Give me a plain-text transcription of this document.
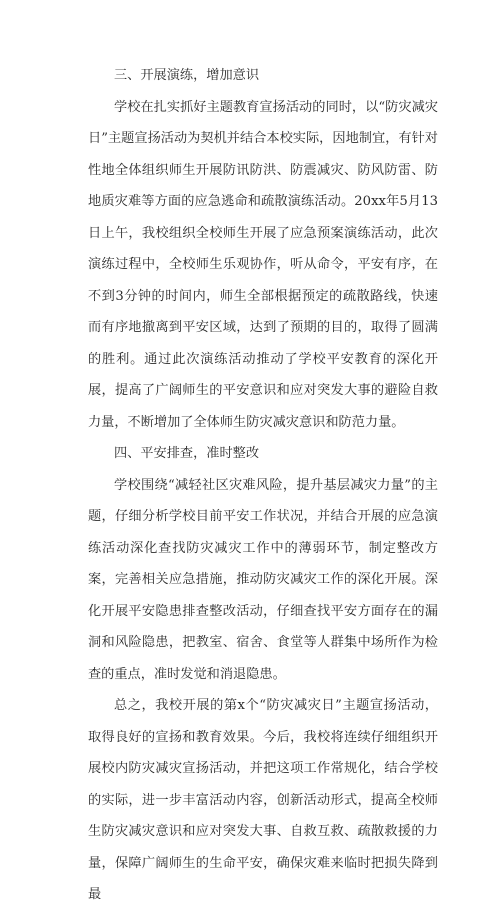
三、开展演练，增加意识

学校在扎实抓好主题教育宣扬活动的同时，以“防灾减灾日”主题宣扬活动为契机并结合本校实际，因地制宜，有针对性地全体组织师生开展防讯防洪、防震减灾、防风防雷、防地质灾难等方面的应急逃命和疏散演练活动。20xx年5月13日上午，我校组织全校师生开展了应急预案演练活动，此次演练过程中，全校师生乐观协作，听从命令，平安有序，在不到3分钟的时间内，师生全部根据预定的疏散路线，快速而有序地撤离到平安区域，达到了预期的目的，取得了圆满的胜利。通过此次演练活动推动了学校平安教育的深化开展，提高了广阔师生的平安意识和应对突发大事的避险自救力量，不断增加了全体师生防灾减灾意识和防范力量。

四、平安排查，准时整改

学校围绕“减轻社区灾难风险，提升基层减灾力量”的主题，仔细分析学校目前平安工作状况，并结合开展的应急演练活动深化查找防灾减灾工作中的薄弱环节，制定整改方案，完善相关应急措施，推动防灾减灾工作的深化开展。深化开展平安隐患排查整改活动，仔细查找平安方面存在的漏洞和风险隐患，把教室、宿舍、食堂等人群集中场所作为检查的重点，准时发觉和消退隐患。

总之，我校开展的第x个“防灾减灾日”主题宣扬活动，取得良好的宣扬和教育效果。今后，我校将连续仔细组织开展校内防灾减灾宣扬活动，并把这项工作常规化，结合学校的实际，进一步丰富活动内容，创新活动形式，提高全校师生防灾减灾意识和应对突发大事、自救互救、疏散救援的力量，保障广阔师生的生命平安，确保灾难来临时把损失降到最
